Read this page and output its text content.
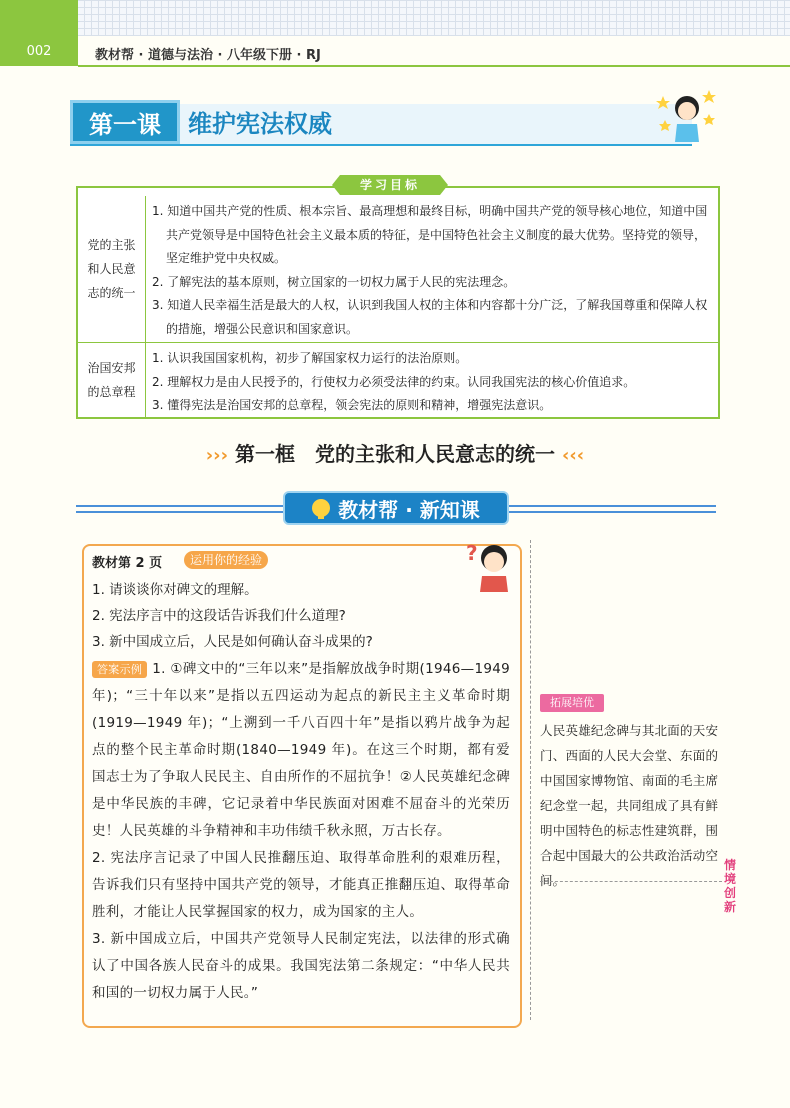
002	教材帮 · 道德与法治 · 八年级下册 · RJ
第一课	维护宪法权威
党的主张和人民意志的统一
1. 知道中国共产党的性质、根本宗旨、最高理想和最终目标，明确中国共产党的领导核心地位，知道中国共产党领导是中国特色社会主义最本质的特征，是中国特色社会主义制度的最大优势。坚持党的领导，坚定维护党中央权威。
2. 了解宪法的基本原则，树立国家的一切权力属于人民的宪法理念。
3. 知道人民幸福生活是最大的人权，认识到我国人权的主体和内容都十分广泛，了解我国尊重和保障人权的措施，增强公民意识和国家意识。
治国安邦的总章程
1. 认识我国国家机构，初步了解国家权力运行的法治原则。
2. 理解权力是由人民授予的，行使权力必须受法律的约束。认同我国宪法的核心价值追求。
3. 懂得宪法是治国安邦的总章程，领会宪法的原则和精神，增强宪法意识。
学习目标
››› 第一框　党的主张和人民意志的统一 ‹‹‹
教材帮 · 新知课
教材第 2 页	运用你的经验	?
1. 请谈谈你对碑文的理解。
2. 宪法序言中的这段话告诉我们什么道理?
3. 新中国成立后，人民是如何确认奋斗成果的?

答案示例 1. ①碑文中的“三年以来”是指解放战争时期(1946—1949 年)；“三十年以来”是指以五四运动为起点的新民主主义革命时期(1919—1949 年)；“上溯到一千八百四十年”是指以鸦片战争为起点的整个民主革命时期(1840—1949 年)。在这三个时期，都有爱国志士为了争取人民民主、自由所作的不屈抗争！②人民英雄纪念碑是中华民族的丰碑，它记录着中华民族面对困难不屈奋斗的光荣历史！人民英雄的斗争精神和丰功伟绩千秋永照，万古长存。

2. 宪法序言记录了中国人民推翻压迫、取得革命胜利的艰难历程，告诉我们只有坚持中国共产党的领导，才能真正推翻压迫、取得革命胜利，才能让人民掌握国家的权力，成为国家的主人。

3. 新中国成立后，中国共产党领导人民制定宪法，以法律的形式确认了中国各族人民奋斗的成果。我国宪法第二条规定：“中华人民共和国的一切权力属于人民。”

拓展培优
人民英雄纪念碑与其北面的天安门、西面的人民大会堂、东面的中国国家博物馆、南面的毛主席纪念堂一起，共同组成了具有鲜明中国特色的标志性建筑群，围合起中国最大的公共政治活动空间。
情境创新
